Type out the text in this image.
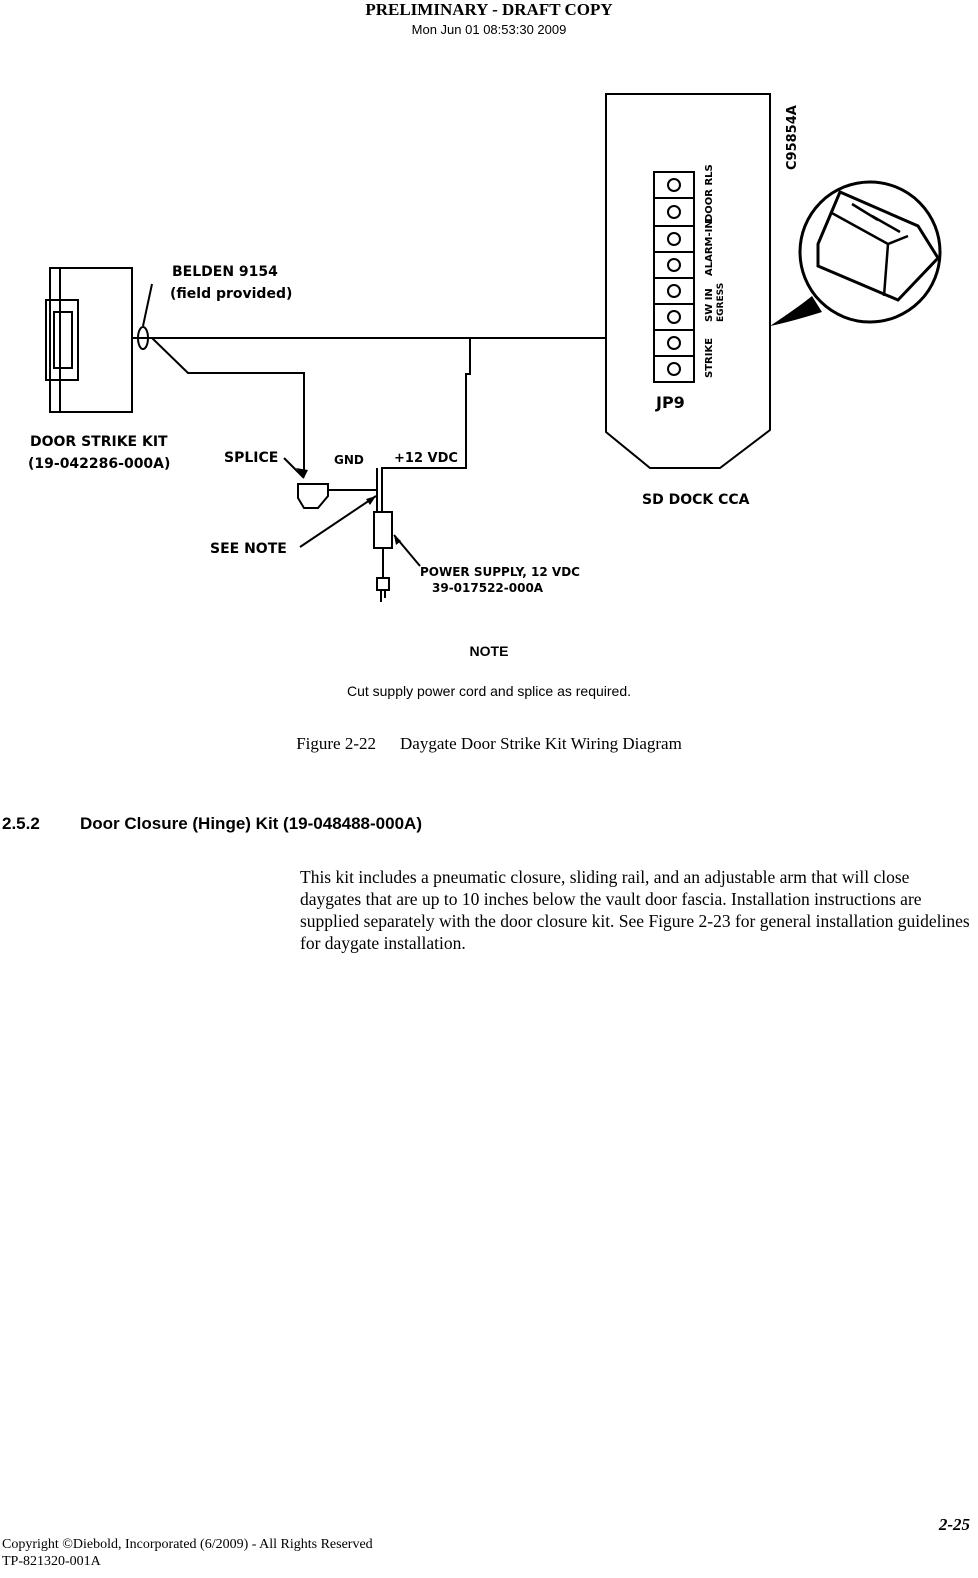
PRELIMINARY - DRAFT COPY
Mon Jun 01 08:53:30 2009
C95854A
DOOR RLS
ALARM-IN
SW IN EGRESS
STRIKE
JP9
SD DOCK CCA
BELDEN 9154
(field provided)
DOOR STRIKE KIT
(19-042286-000A)	SPLICE	GND +12 VDC
SEE NOTE
POWER SUPPLY, 12 VDC
39-017522-000A
NOTE
Cut supply power cord and splice as required.
Figure 2-22 Daygate Door Strike Kit Wiring Diagram
2.5.2 Door Closure (Hinge) Kit (19-048488-000A)

This kit includes a pneumatic closure, sliding rail, and an adjustable arm that will close daygates that are up to 10 inches below the vault door fascia. Installation instructions are supplied separately with the door closure kit. See Figure 2-23 for general installation guidelines for daygate installation.

2-25
Copyright ©Diebold, Incorporated (6/2009) - All Rights Reserved
TP-821320-001A
